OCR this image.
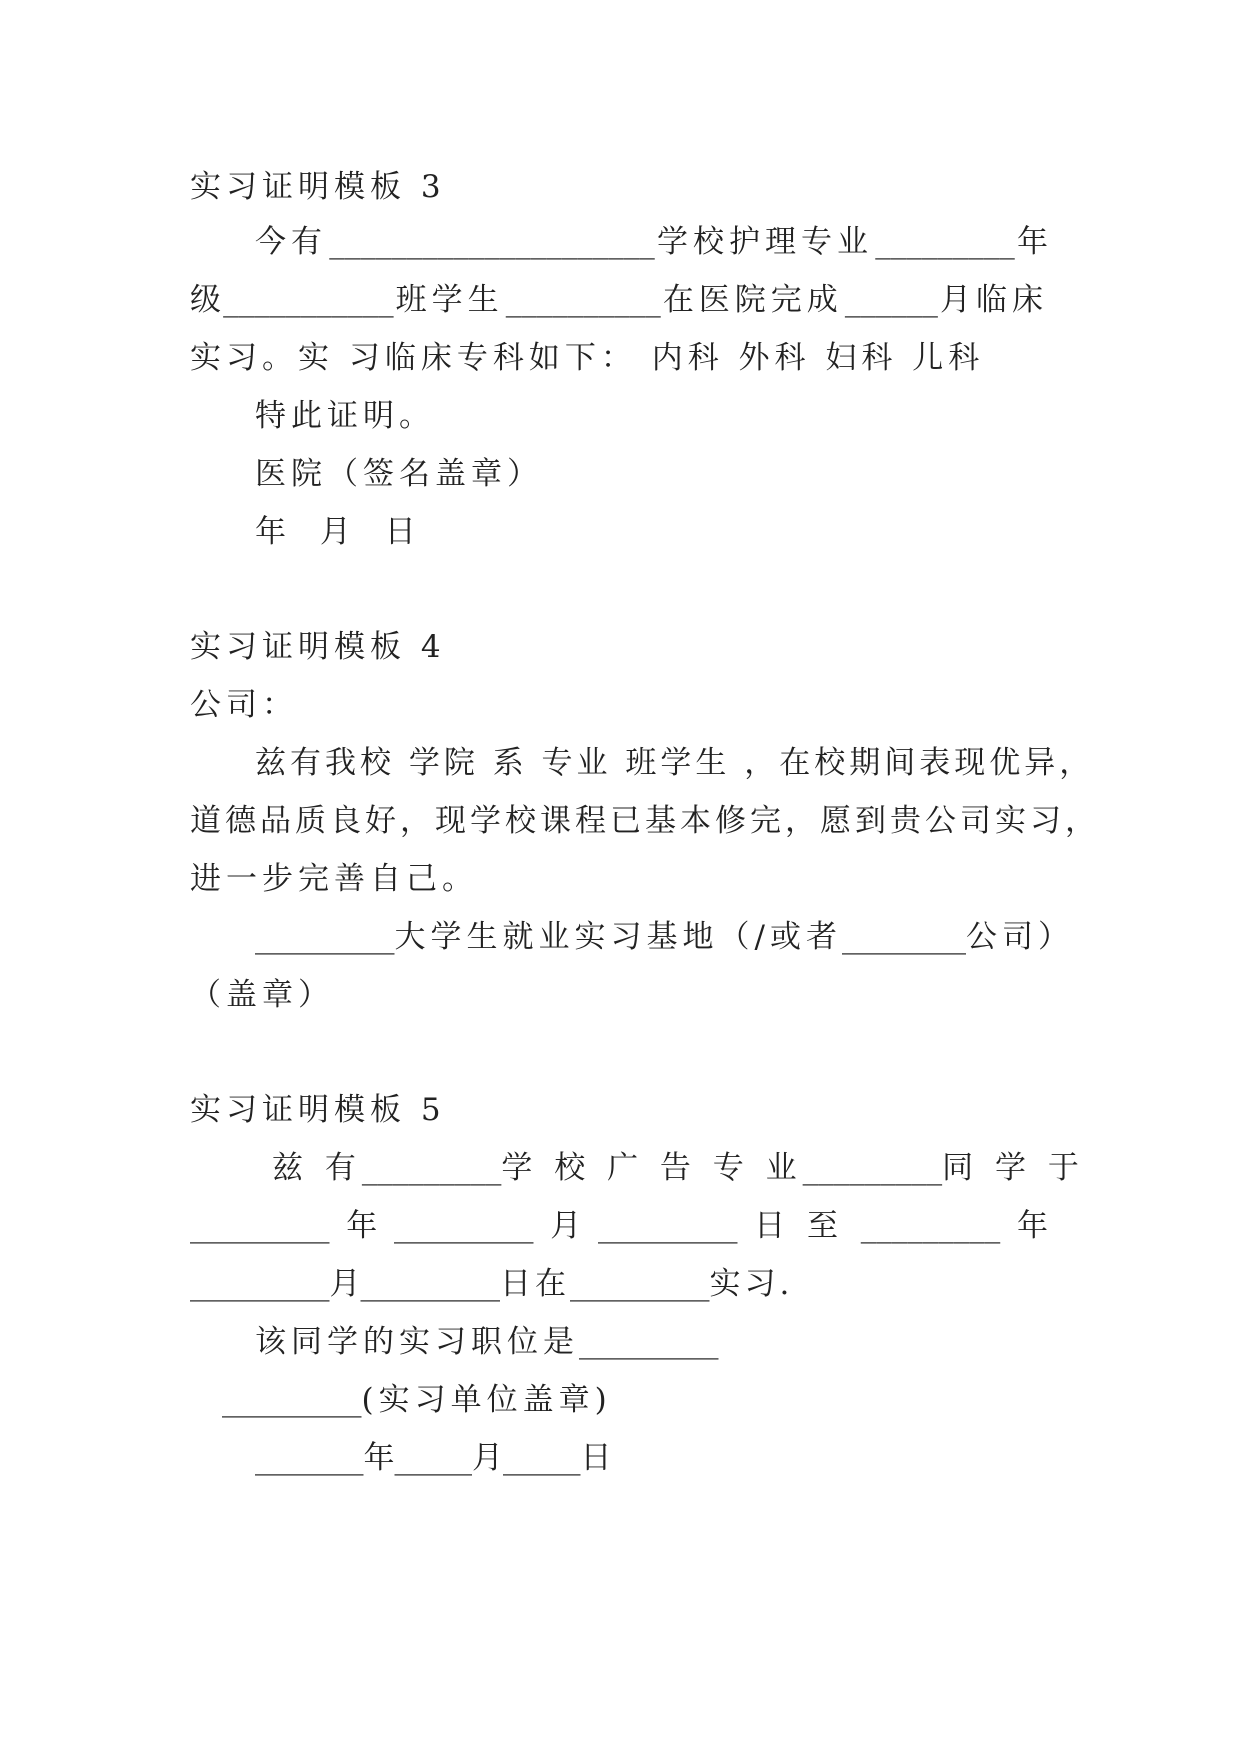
实习证明模板 3
今有 _____________________ 学校护理专业 _________ 年
级 ___________ 班学生 __________ 在医院完成 ______ 月临床
实习。实 习临床专科如下： 内科 外科 妇科 儿科
特此证明。
医院（签名盖章）
年 月 日
实习证明模板 4
公司：
兹有我校 学院 系 专业 班学生 ，在校期间表现优异，
道德品质良好，现学校课程已基本修完，愿到贵公司实习，
进一步完善自己。
_________ 大学生就业实习基地（/或者 ________ 公司）
（盖章）
实习证明模板 5
兹 有 _________ 学 校 广 告 专 业 _________ 同 学 于
_________ 年 _________ 月 _________ 日 至 _________ 年
_________月_________日在_________实习.
该同学的实习职位是_________
_________(实习单位盖章)
_______年_____月_____日
